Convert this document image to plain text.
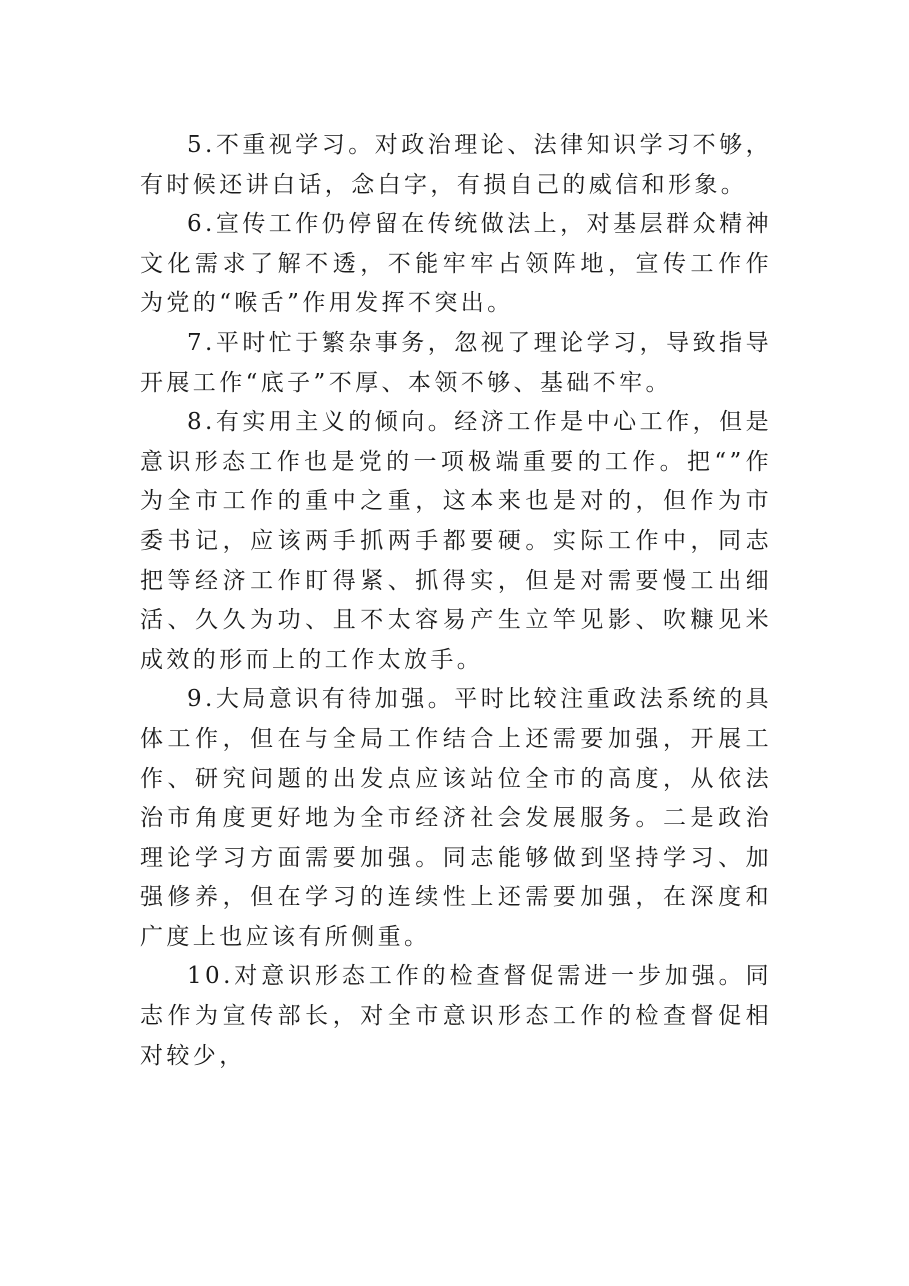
5.不重视学习。对政治理论、法律知识学习不够，有时候还讲白话，念白字，有损自己的威信和形象。

6.宣传工作仍停留在传统做法上，对基层群众精神文化需求了解不透，不能牢牢占领阵地，宣传工作作为党的“喉舌”作用发挥不突出。

7.平时忙于繁杂事务，忽视了理论学习，导致指导开展工作“底子”不厚、本领不够、基础不牢。

8.有实用主义的倾向。经济工作是中心工作，但是意识形态工作也是党的一项极端重要的工作。把“”作为全市工作的重中之重，这本来也是对的，但作为市委书记，应该两手抓两手都要硬。实际工作中，同志把等经济工作盯得紧、抓得实，但是对需要慢工出细活、久久为功、且不太容易产生立竿见影、吹糠见米成效的形而上的工作太放手。

9.大局意识有待加强。平时比较注重政法系统的具体工作，但在与全局工作结合上还需要加强，开展工作、研究问题的出发点应该站位全市的高度，从依法治市角度更好地为全市经济社会发展服务。二是政治理论学习方面需要加强。同志能够做到坚持学习、加强修养，但在学习的连续性上还需要加强，在深度和广度上也应该有所侧重。

10.对意识形态工作的检查督促需进一步加强。同志作为宣传部长，对全市意识形态工作的检查督促相对较少，
